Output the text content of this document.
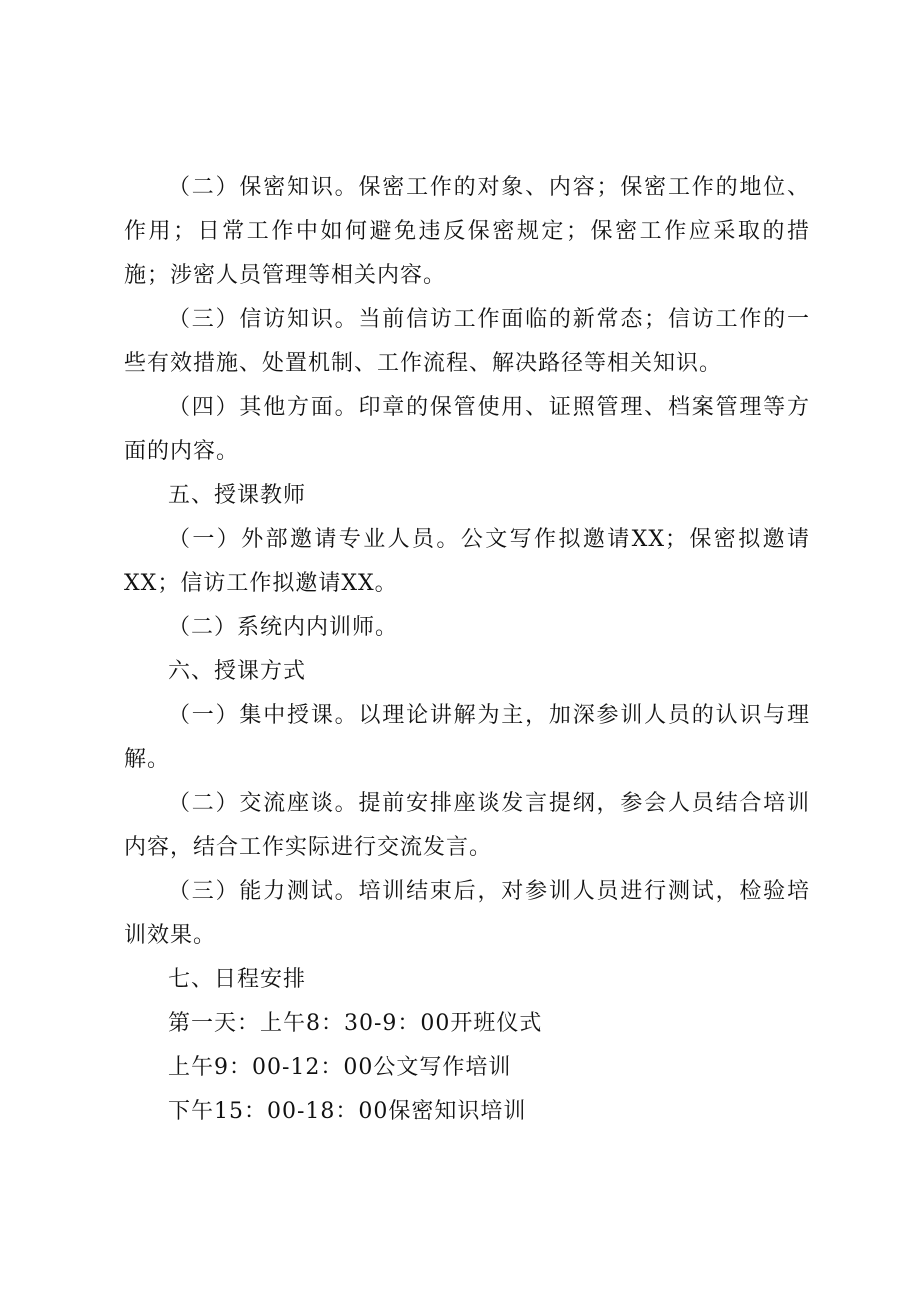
（二）保密知识。保密工作的对象、内容；保密工作的地位、作用；日常工作中如何避免违反保密规定；保密工作应采取的措施；涉密人员管理等相关内容。

（三）信访知识。当前信访工作面临的新常态；信访工作的一些有效措施、处置机制、工作流程、解决路径等相关知识。

（四）其他方面。印章的保管使用、证照管理、档案管理等方面的内容。

五、授课教师

（一）外部邀请专业人员。公文写作拟邀请XX；保密拟邀请XX；信访工作拟邀请XX。

（二）系统内内训师。

六、授课方式

（一）集中授课。以理论讲解为主，加深参训人员的认识与理解。

（二）交流座谈。提前安排座谈发言提纲，参会人员结合培训内容，结合工作实际进行交流发言。

（三）能力测试。培训结束后，对参训人员进行测试，检验培训效果。

七、日程安排

第一天：上午8：30-9：00开班仪式

上午9：00-12：00公文写作培训

下午15：00-18：00保密知识培训
